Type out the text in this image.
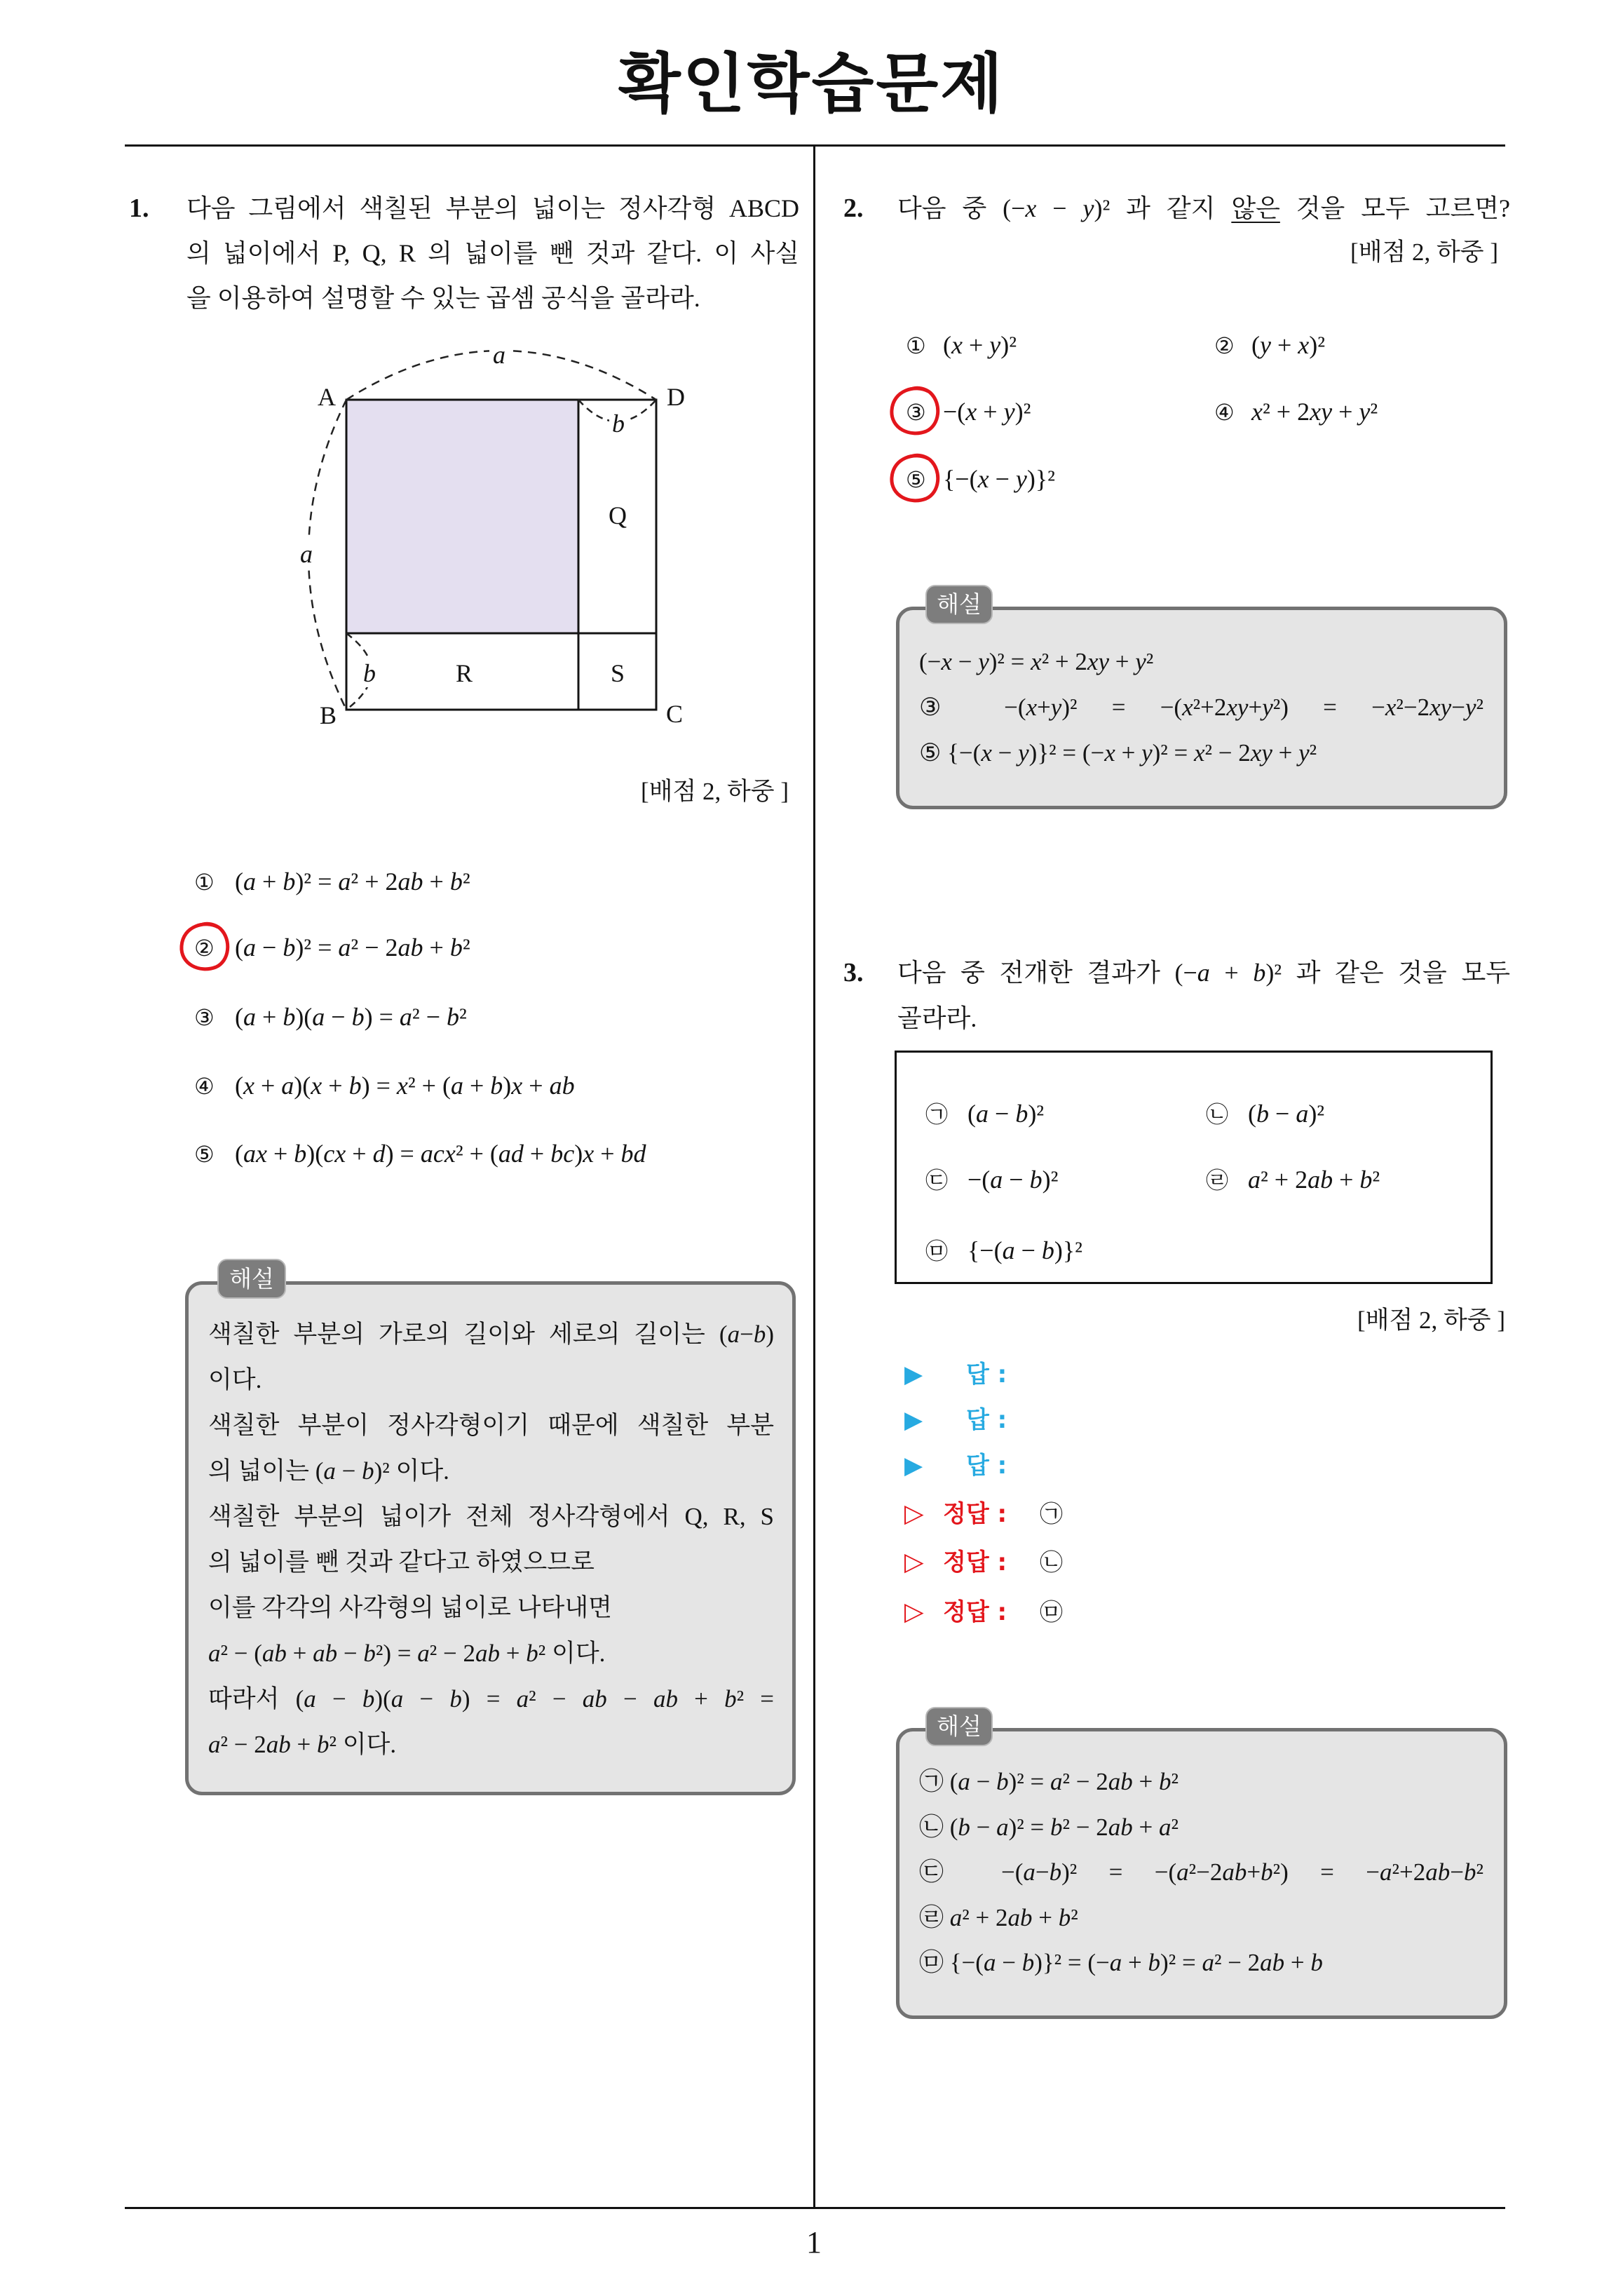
확인학습문제
1
1. 다음 그림에서 색칠된 부분의 넓이는 정사각형 ABCD
의 넓이에서 P, Q, R 의 넓이를 뺀 것과 같다. 이 사실
을 이용하여 설명할 수 있는 곱셈 공식을 골라라.
A	D
B	C
Q
R	S
a
a
b
b
[배점 2, 하중 ]
① (a + b)² = a² + 2ab + b²
② (a − b)² = a² − 2ab + b²
③ (a + b)(a − b) = a² − b²
④ (x + a)(x + b) = x² + (a + b)x + ab
⑤ (ax + b)(cx + d) = acx² + (ad + bc)x + bd
해설
색칠한 부분의 가로의 길이와 세로의 길이는 (a−b)
이다.
색칠한 부분이 정사각형이기 때문에 색칠한 부분
의 넓이는 (a − b)² 이다.
색칠한 부분의 넓이가 전체 정사각형에서 Q, R, S
의 넓이를 뺀 것과 같다고 하였으므로
이를 각각의 사각형의 넓이로 나타내면
a² − (ab + ab − b²) = a² − 2ab + b² 이다.
따라서 (a − b)(a − b) = a² − ab − ab + b² =
a² − 2ab + b² 이다.
2. 다음 중 (−x − y)² 과 같지 않은 것을 모두 고르면?
[배점 2, 하중 ]
① (x + y)²	② (y + x)²
③ −(x + y)²	④ x² + 2xy + y²
⑤ {−(x − y)}²
해설
(−x − y)² = x² + 2xy + y²
③ −(x+y)² = −(x²+2xy+y²) = −x²−2xy−y²
⑤ {−(x − y)}² = (−x + y)² = x² − 2xy + y²
3. 다음 중 전개한 결과가 (−a + b)² 과 같은 것을 모두
골라라.
㉠ (a − b)²	㉡ (b − a)²
㉢ −(a − b)²	㉣ a² + 2ab + b²
㉤ {−(a − b)}²
[배점 2, 하중 ]
▶ 답 :
▶ 답 :
▶ 답 :
▷ 정답 : ㉠
▷ 정답 : ㉡
▷ 정답 : ㉤
해설
㉠ (a − b)² = a² − 2ab + b²
㉡ (b − a)² = b² − 2ab + a²
㉢ −(a−b)² = −(a²−2ab+b²) = −a²+2ab−b²
㉣ a² + 2ab + b²
㉤ {−(a − b)}² = (−a + b)² = a² − 2ab + b
